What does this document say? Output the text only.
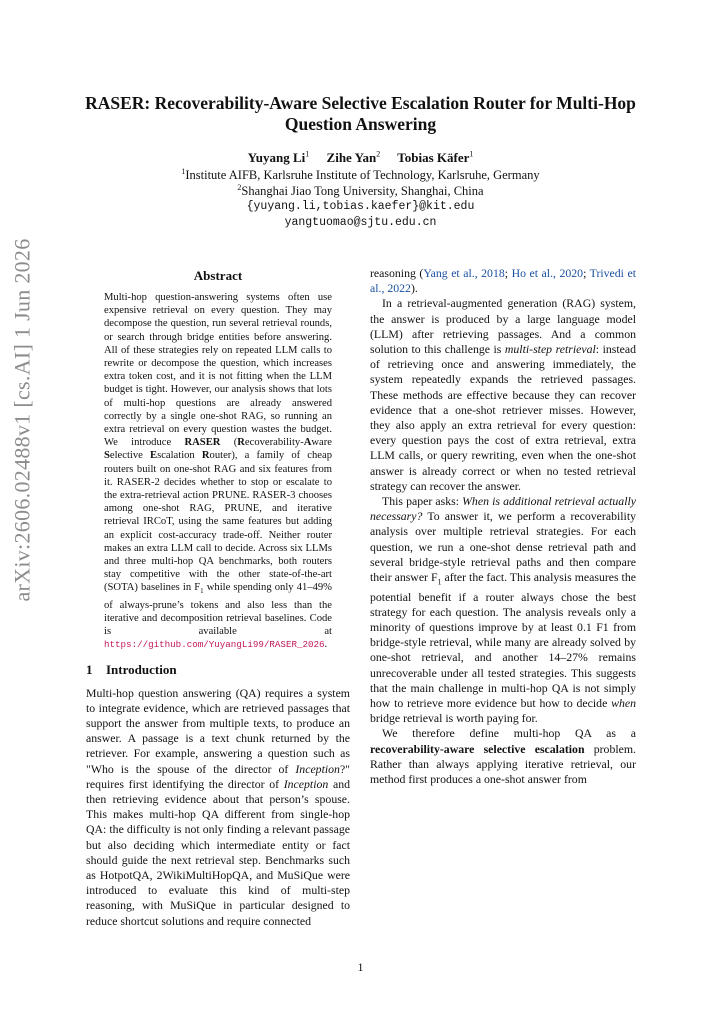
arXiv:2606.02488v1 [cs.AI] 1 Jun 2026
RASER: Recoverability-Aware Selective Escalation Router for Multi-Hop Question Answering
Yuyang Li$^1$ Zihe Yan$^2$ Tobias Käfer$^1$
$^1$Institute AIFB, Karlsruhe Institute of Technology, Karlsruhe, Germany
$^2$Shanghai Jiao Tong University, Shanghai, China
{yuyang.li,tobias.kaefer}@kit.edu
yangtuomao@sjtu.edu.cn
Abstract

Multi-hop question-answering systems often use expensive retrieval on every question. They may decompose the question, run several retrieval rounds, or search through bridge entities before answering. All of these strategies rely on repeated LLM calls to rewrite or decompose the question, which increases extra token cost, and it is not fitting when the LLM budget is tight. However, our analysis shows that lots of multi-hop questions are already answered correctly by a single one-shot RAG, so running an extra retrieval on every question wastes the budget. We introduce RASER (Recoverability-Aware Selective Escalation Router), a family of cheap routers built on one-shot RAG and six features from it. RASER-2 decides whether to stop or escalate to the extra-retrieval action PRUNE. RASER-3 chooses among one-shot RAG, PRUNE, and iterative retrieval IRCoT, using the same features but adding an explicit cost-accuracy trade-off. Neither router makes an extra LLM call to decide. Across six LLMs and three multi-hop QA benchmarks, both routers stay competitive with the other state-of-the-art (SOTA) baselines in $F_1$ while spending only 41–49% of always-prune’s tokens and also less than the iterative and decomposition retrieval baselines. Code is available at https://github.com/YuyangLi99/RASER_2026.

1 Introduction

Multi-hop question answering (QA) requires a system to integrate evidence, which are retrieved passages that support the answer from multiple texts, to produce an answer. A passage is a text chunk returned by the retriever. For example, answering a question such as "Who is the spouse of the director of Inception?" requires first identifying the director of Inception and then retrieving evidence about that person’s spouse. This makes multi-hop QA different from single-hop QA: the difficulty is not only finding a relevant passage but also deciding which intermediate entity or fact should guide the next retrieval step. Benchmarks such as HotpotQA, 2WikiMultiHopQA, and MuSiQue were introduced to evaluate this kind of multi-step reasoning, with MuSiQue in particular designed to reduce shortcut solutions and require connected

reasoning (Yang et al., 2018; Ho et al., 2020; Trivedi et al., 2022).

In a retrieval-augmented generation (RAG) system, the answer is produced by a large language model (LLM) after retrieving passages. And a common solution to this challenge is multi-step retrieval: instead of retrieving once and answering immediately, the system repeatedly expands the retrieved passages. These methods are effective because they can recover evidence that a one-shot retriever misses. However, they also apply an extra retrieval for every question: every question pays the cost of extra retrieval, extra LLM calls, or query rewriting, even when the one-shot answer is already correct or when no tested retrieval strategy can recover the answer.

This paper asks: When is additional retrieval actually necessary? To answer it, we perform a recoverability analysis over multiple retrieval strategies. For each question, we run a one-shot dense retrieval path and several bridge-style retrieval paths and then compare their answer $F_1$ after the fact. This analysis measures the potential benefit if a router always chose the best strategy for each question. The analysis reveals only a minority of questions improve by at least 0.1 F1 from bridge-style retrieval, while many are already solved by one-shot retrieval, and another 14–27% remains unrecoverable under all tested strategies. This suggests that the main challenge in multi-hop QA is not simply how to retrieve more evidence but how to decide when bridge retrieval is worth paying for.

We therefore define multi-hop QA as a recoverability-aware selective escalation problem. Rather than always applying iterative retrieval, our method first produces a one-shot answer from

1
